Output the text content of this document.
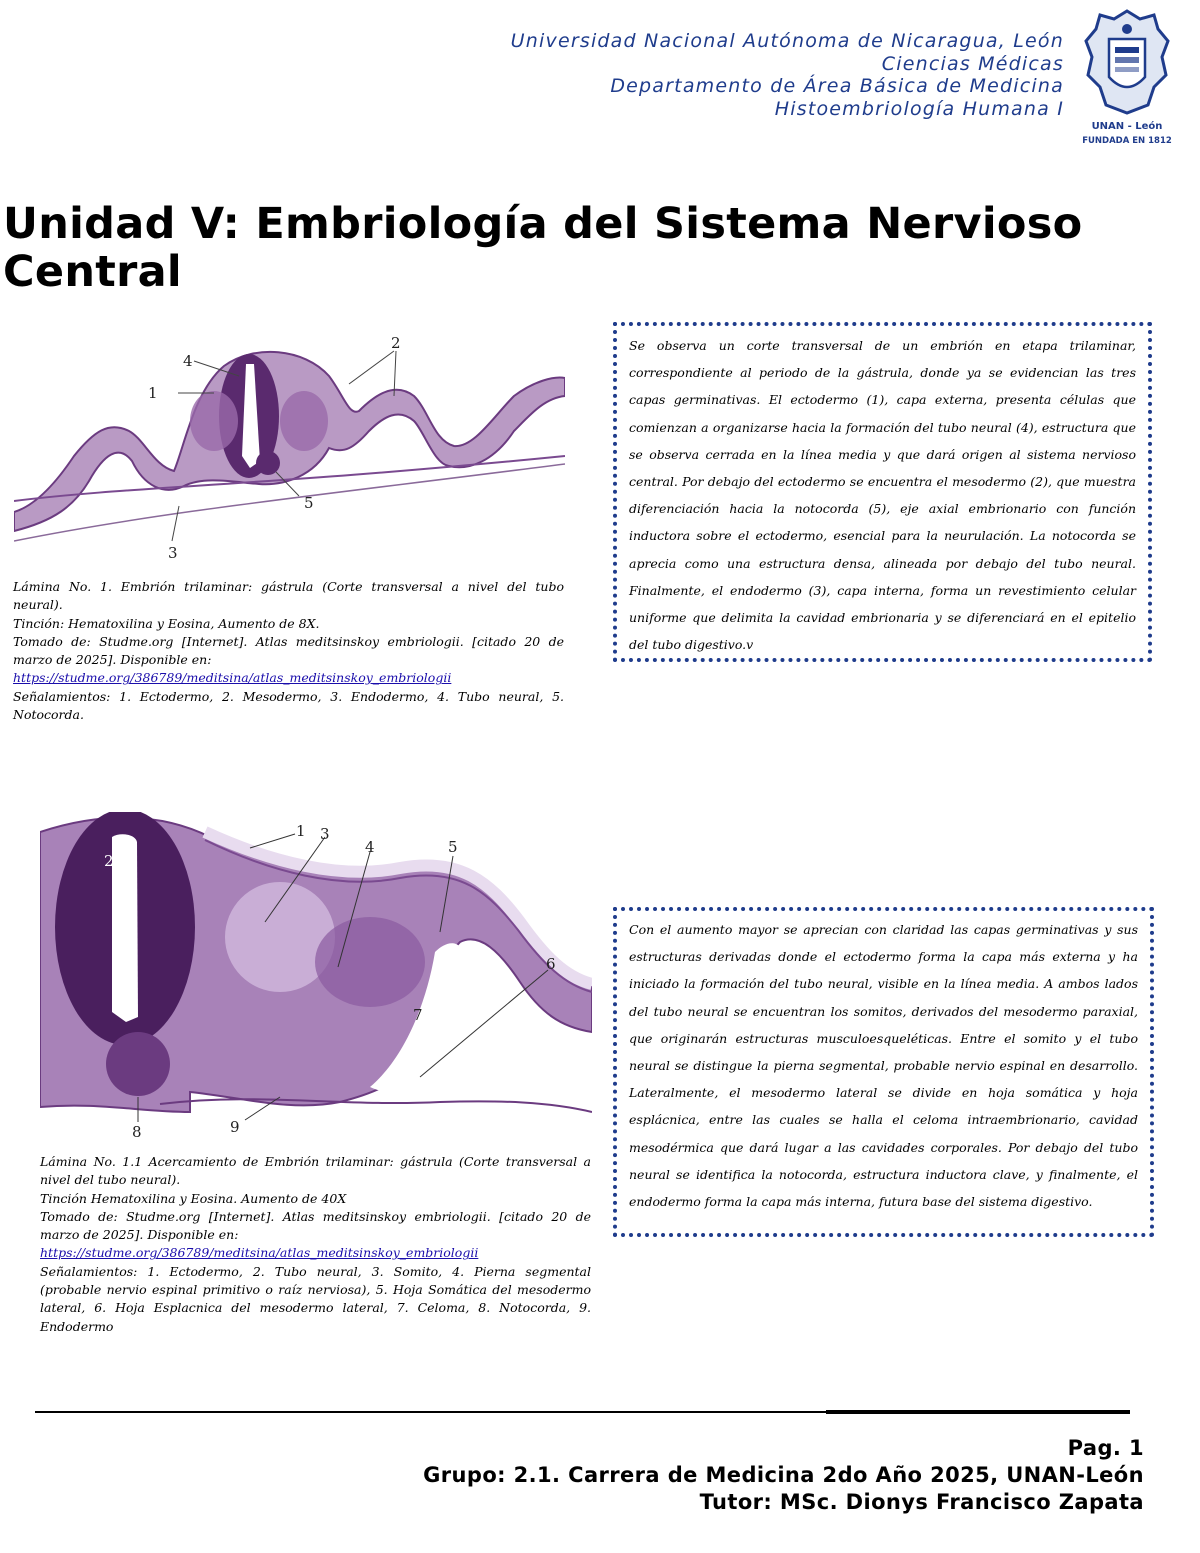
Universidad Nacional Autónoma de Nicaragua, León
Ciencias Médicas
Departamento de Área Básica de Medicina
Histoembriología Humana I
UNAN - León
FUNDADA EN 1812
Unidad V: Embriología del Sistema Nervioso Central
1
2
3
4
5

Lámina No. 1. Embrión trilaminar: gástrula (Corte transversal a nivel del tubo neural).

Tinción: Hematoxilina y Eosina, Aumento de 8X.

Tomado de: Studme.org [Internet]. Atlas meditsinskoy embriologii. [citado 20 de marzo de 2025]. Disponible en:

https://studme.org/386789/meditsina/atlas_meditsinskoy_embriologii

Señalamientos: 1. Ectodermo, 2. Mesodermo, 3. Endodermo, 4. Tubo neural, 5. Notocorda.

Se observa un corte transversal de un embrión en etapa trilaminar, correspondiente al periodo de la gástrula, donde ya se evidencian las tres capas germinativas. El ectodermo (1), capa externa, presenta células que comienzan a organizarse hacia la formación del tubo neural (4), estructura que se observa cerrada en la línea media y que dará origen al sistema nervioso central. Por debajo del ectodermo se encuentra el mesodermo (2), que muestra diferenciación hacia la notocorda (5), eje axial embrionario con función inductora sobre el ectodermo, esencial para la neurulación. La notocorda se aprecia como una estructura densa, alineada por debajo del tubo neural. Finalmente, el endodermo (3), capa interna, forma un revestimiento celular uniforme que delimita la cavidad embrionaria y se diferenciará en el epitelio del tubo digestivo.v
1
2
3
4	5
6
7
8	9

Lámina No. 1.1 Acercamiento de Embrión trilaminar: gástrula (Corte transversal a nivel del tubo neural).

Tinción Hematoxilina y Eosina. Aumento de 40X

Tomado de: Studme.org [Internet]. Atlas meditsinskoy embriologii. [citado 20 de marzo de 2025]. Disponible en:

https://studme.org/386789/meditsina/atlas_meditsinskoy_embriologii

Señalamientos: 1. Ectodermo, 2. Tubo neural, 3. Somito, 4. Pierna segmental (probable nervio espinal primitivo o raíz nerviosa), 5. Hoja Somática del mesodermo lateral, 6. Hoja Esplacnica del mesodermo lateral, 7. Celoma, 8. Notocorda, 9. Endodermo

Con el aumento mayor se aprecian con claridad las capas germinativas y sus estructuras derivadas donde el ectodermo forma la capa más externa y ha iniciado la formación del tubo neural, visible en la línea media. A ambos lados del tubo neural se encuentran los somitos, derivados del mesodermo paraxial, que originarán estructuras musculoesqueléticas. Entre el somito y el tubo neural se distingue la pierna segmental, probable nervio espinal en desarrollo. Lateralmente, el mesodermo lateral se divide en hoja somática y hoja esplácnica, entre las cuales se halla el celoma intraembrionario, cavidad mesodérmica que dará lugar a las cavidades corporales. Por debajo del tubo neural se identifica la notocorda, estructura inductora clave, y finalmente, el endodermo forma la capa más interna, futura base del sistema digestivo.
Pag. 1
Grupo: 2.1. Carrera de Medicina 2do Año 2025, UNAN-León
Tutor: MSc. Dionys Francisco Zapata
